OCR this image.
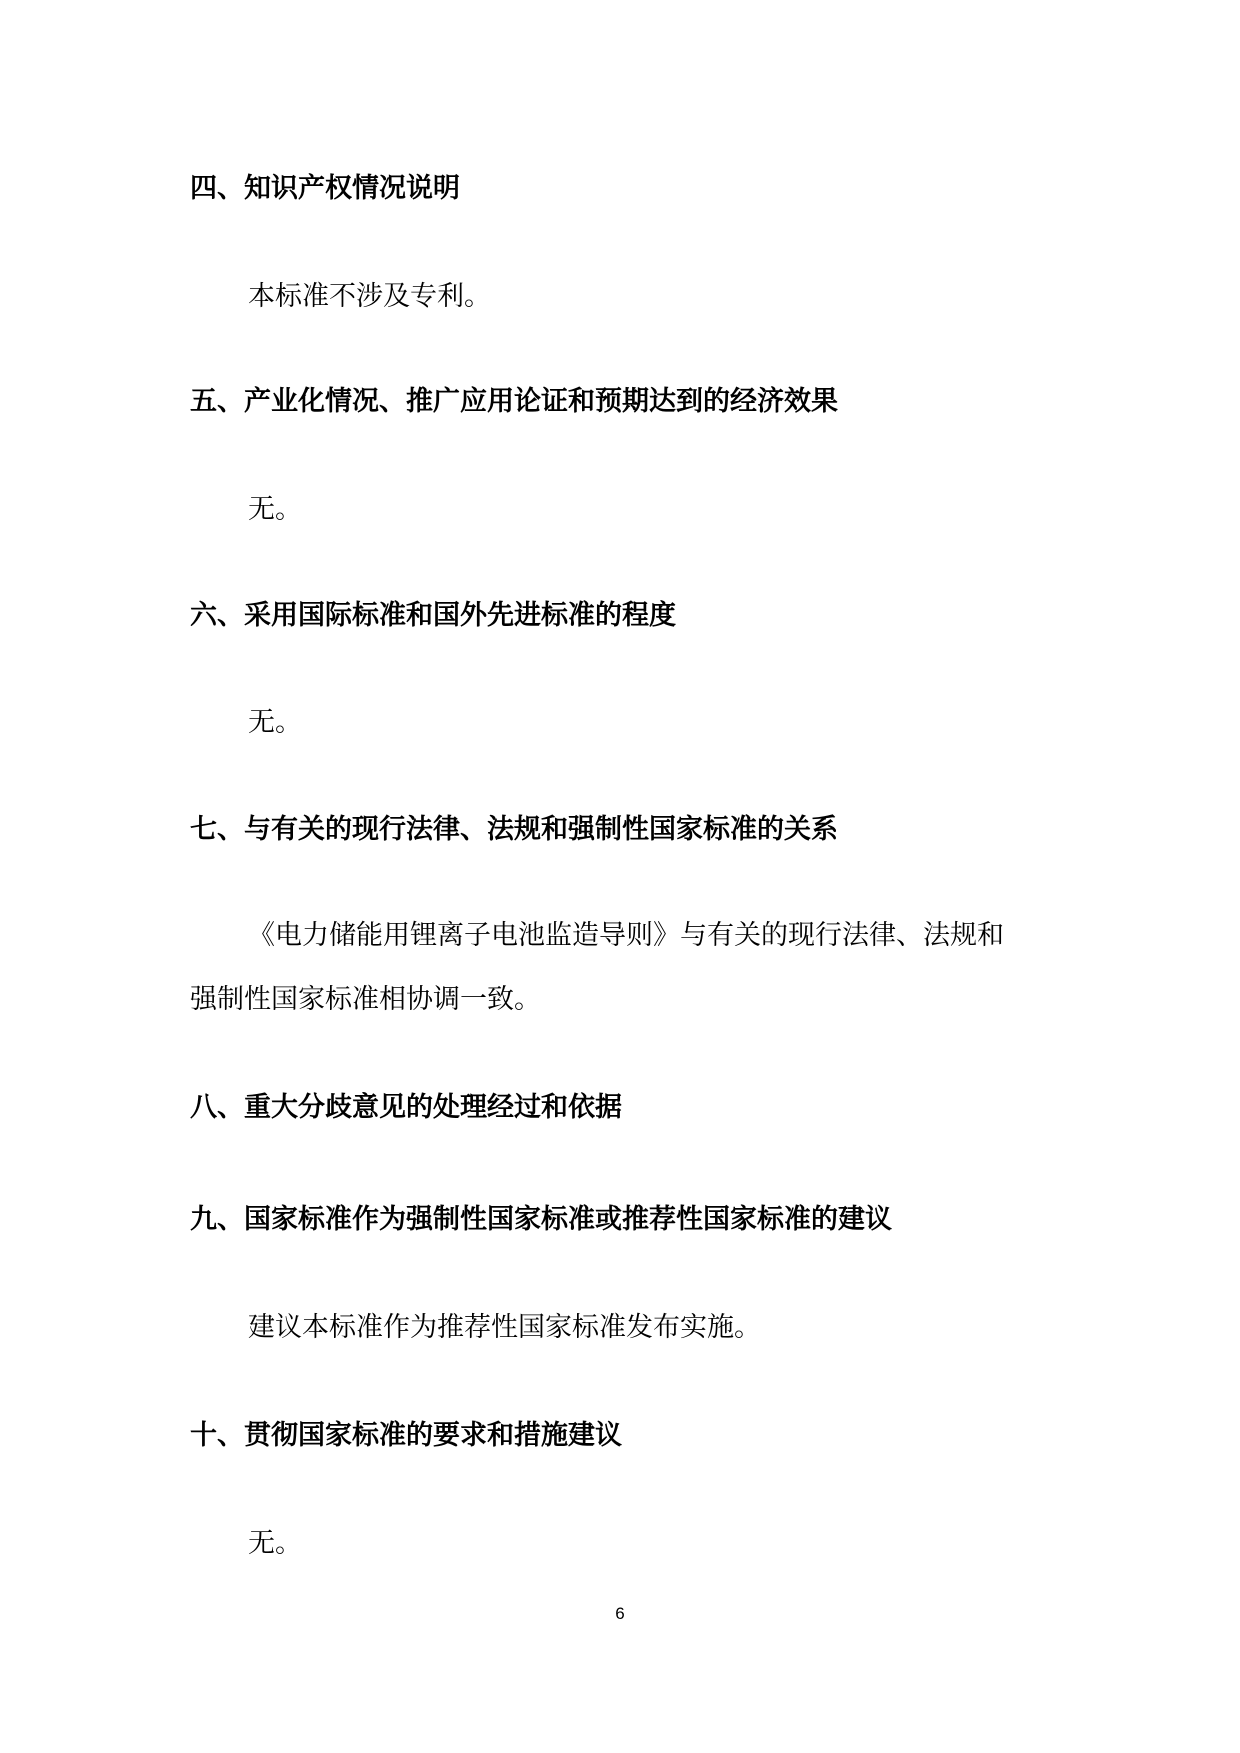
四、知识产权情况说明
本标准不涉及专利。
五、产业化情况、推广应用论证和预期达到的经济效果
无。
六、采用国际标准和国外先进标准的程度
无。
七、与有关的现行法律、法规和强制性国家标准的关系
《电力储能用锂离子电池监造导则》与有关的现行法律、法规和
强制性国家标准相协调一致。
八、重大分歧意见的处理经过和依据
九、国家标准作为强制性国家标准或推荐性国家标准的建议
建议本标准作为推荐性国家标准发布实施。
十、贯彻国家标准的要求和措施建议
无。
6
